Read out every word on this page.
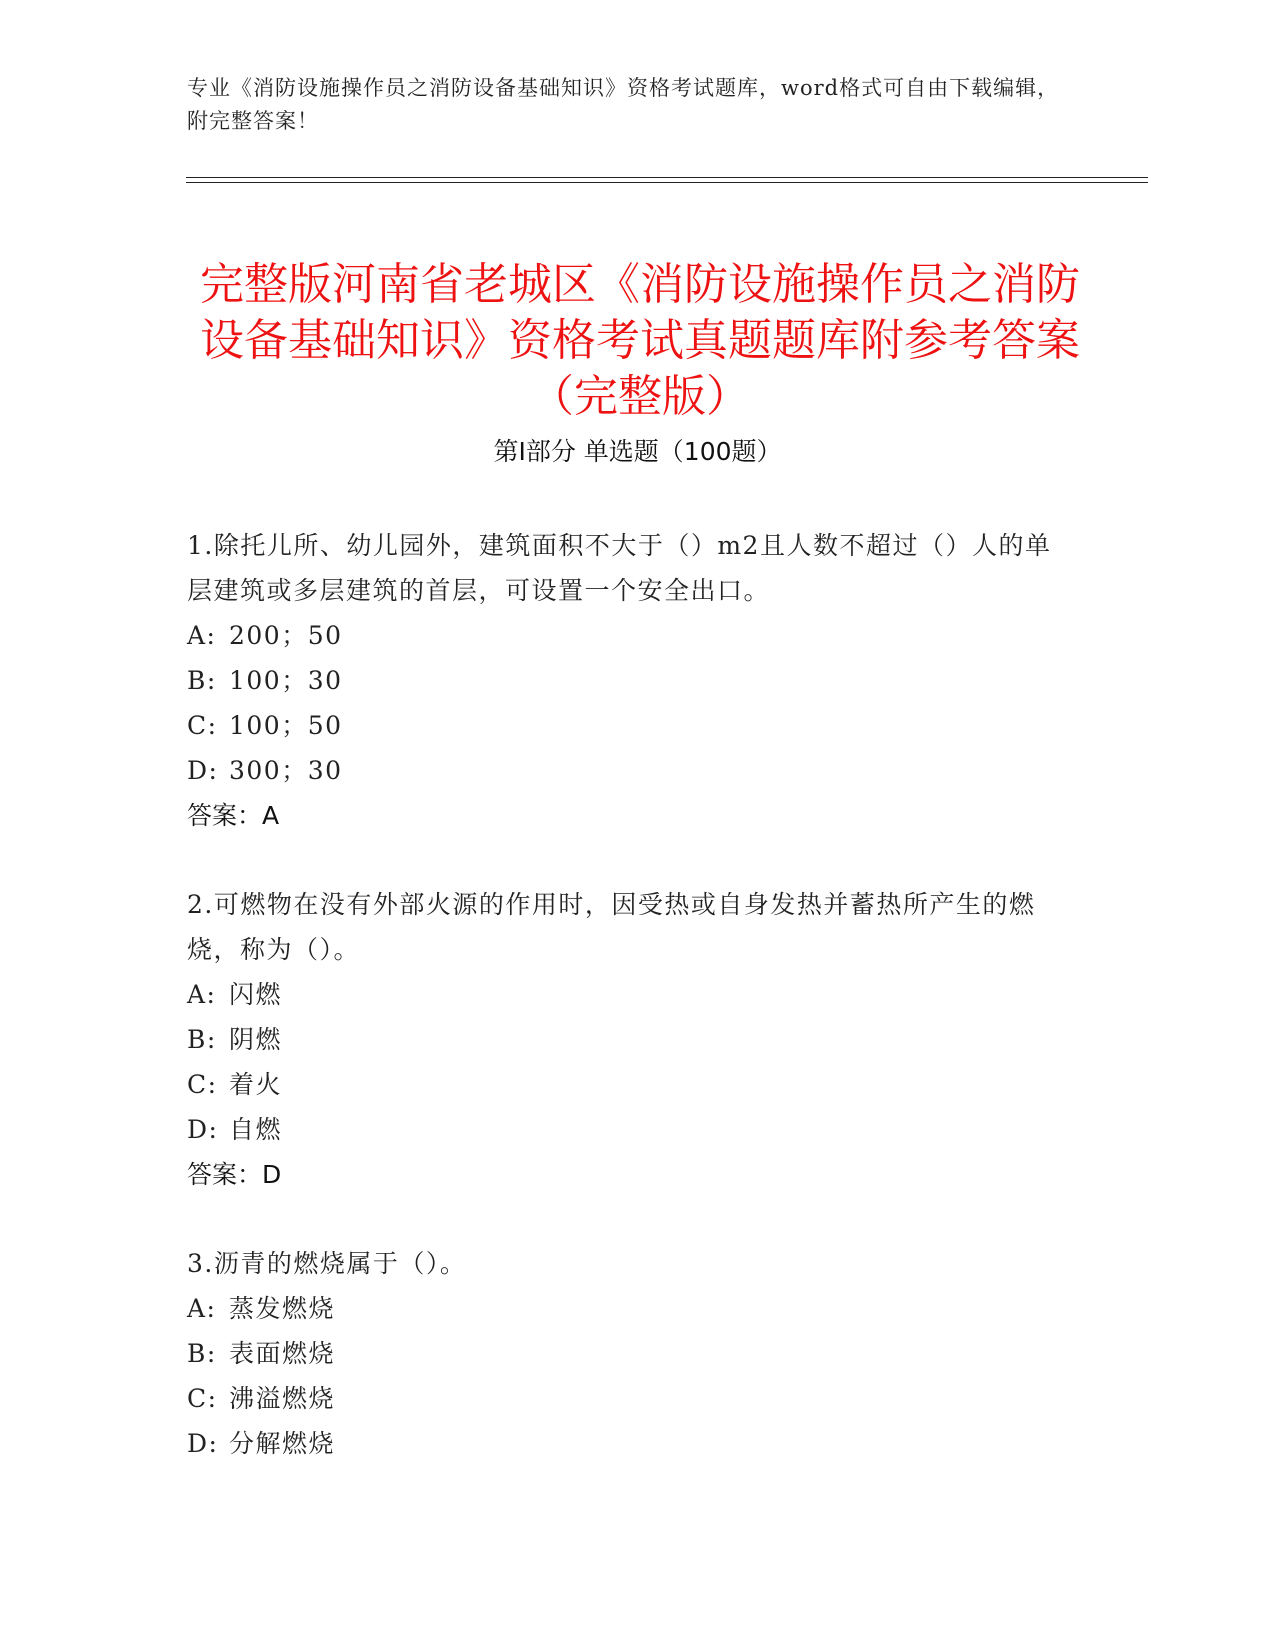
专业《消防设施操作员之消防设备基础知识》资格考试题库，word格式可自由下载编辑，附完整答案！
完整版河南省老城区《消防设施操作员之消防设备基础知识》资格考试真题题库附参考答案（完整版）
第Ⅰ部分 单选题（100题）
1.除托儿所、幼儿园外，建筑面积不大于（）m2且人数不超过（）人的单层建筑或多层建筑的首层，可设置一个安全出口。
A: 200；50
B: 100；30
C: 100；50
D: 300；30
答案：A
2.可燃物在没有外部火源的作用时，因受热或自身发热并蓄热所产生的燃烧，称为（）。
A: 闪燃
B: 阴燃
C: 着火
D: 自燃
答案：D
3.沥青的燃烧属于（）。
A: 蒸发燃烧
B: 表面燃烧
C: 沸溢燃烧
D: 分解燃烧
